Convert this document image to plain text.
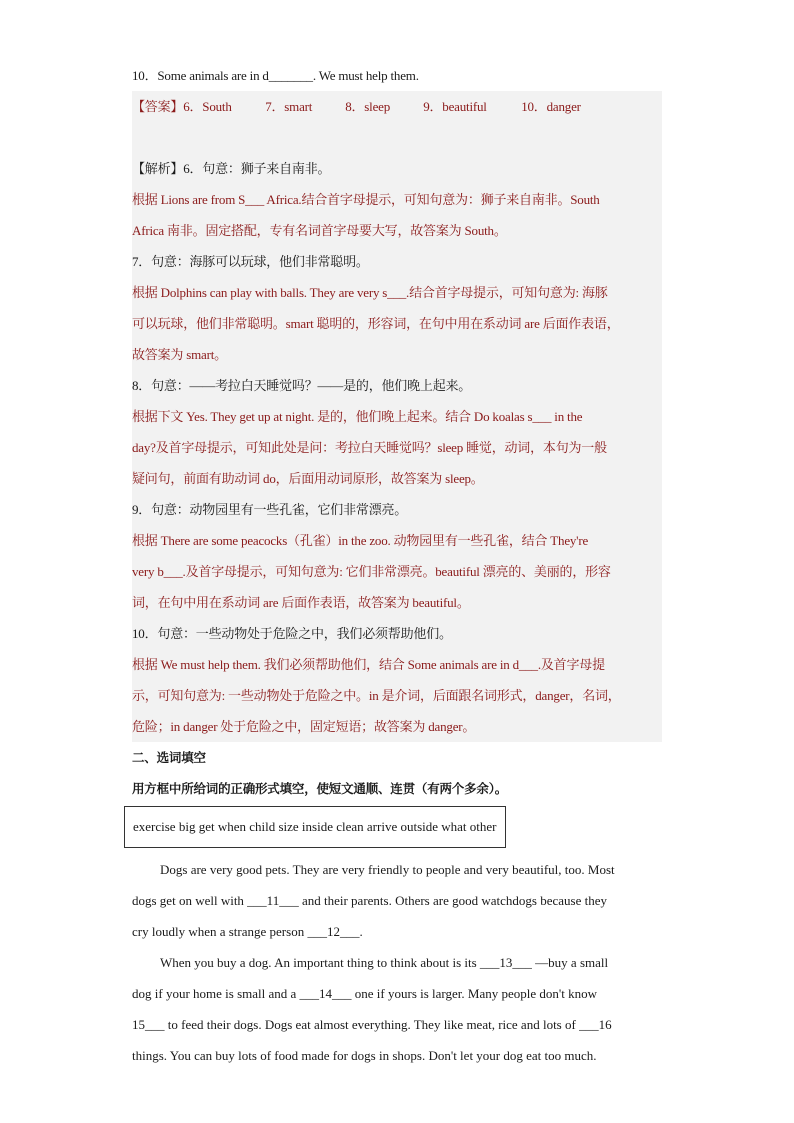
10．Some animals are in d_______. We must help them.
【答案】6．South	7．smart	8．sleep	9．beautiful	10．danger
【解析】6．句意：狮子来自南非。
根据 Lions are from S___ Africa.结合首字母提示，可知句意为：狮子来自南非。South
Africa 南非。固定搭配，专有名词首字母要大写，故答案为 South。
7．句意：海豚可以玩球，他们非常聪明。
根据 Dolphins can play with balls. They are very s___.结合首字母提示，可知句意为: 海豚
可以玩球，他们非常聪明。smart 聪明的，形容词，在句中用在系动词 are 后面作表语，
故答案为 smart。
8．句意：——考拉白天睡觉吗？——是的，他们晚上起来。
根据下文 Yes. They get up at night. 是的，他们晚上起来。结合 Do koalas s___ in the
day?及首字母提示，可知此处是问：考拉白天睡觉吗？sleep 睡觉，动词，本句为一般
疑问句，前面有助动词 do，后面用动词原形，故答案为 sleep。
9．句意：动物园里有一些孔雀，它们非常漂亮。
根据 There are some peacocks（孔雀）in the zoo. 动物园里有一些孔雀，结合 They're
very b___.及首字母提示，可知句意为: 它们非常漂亮。beautiful 漂亮的、美丽的，形容
词，在句中用在系动词 are 后面作表语，故答案为 beautiful。
10．句意：一些动物处于危险之中，我们必须帮助他们。
根据 We must help them. 我们必须帮助他们，结合 Some animals are in d___.及首字母提
示，可知句意为: 一些动物处于危险之中。in 是介词，后面跟名词形式，danger，名词，
危险；in danger 处于危险之中，固定短语；故答案为 danger。
二、选词填空
用方框中所给词的正确形式填空，使短文通顺、连贯（有两个多余）。
exercise big get when child size inside clean arrive outside what other
Dogs are very good pets. They are very friendly to people and very beautiful, too. Most
dogs get on well with ___11___ and their parents. Others are good watchdogs because they
cry loudly when a strange person ___12___.
When you buy a dog. An important thing to think about is its ___13___ —buy a small
dog if your home is small and a ___14___ one if yours is larger. Many people don't know
15___ to feed their dogs. Dogs eat almost everything. They like meat, rice and lots of ___16
things. You can buy lots of food made for dogs in shops. Don't let your dog eat too much.
